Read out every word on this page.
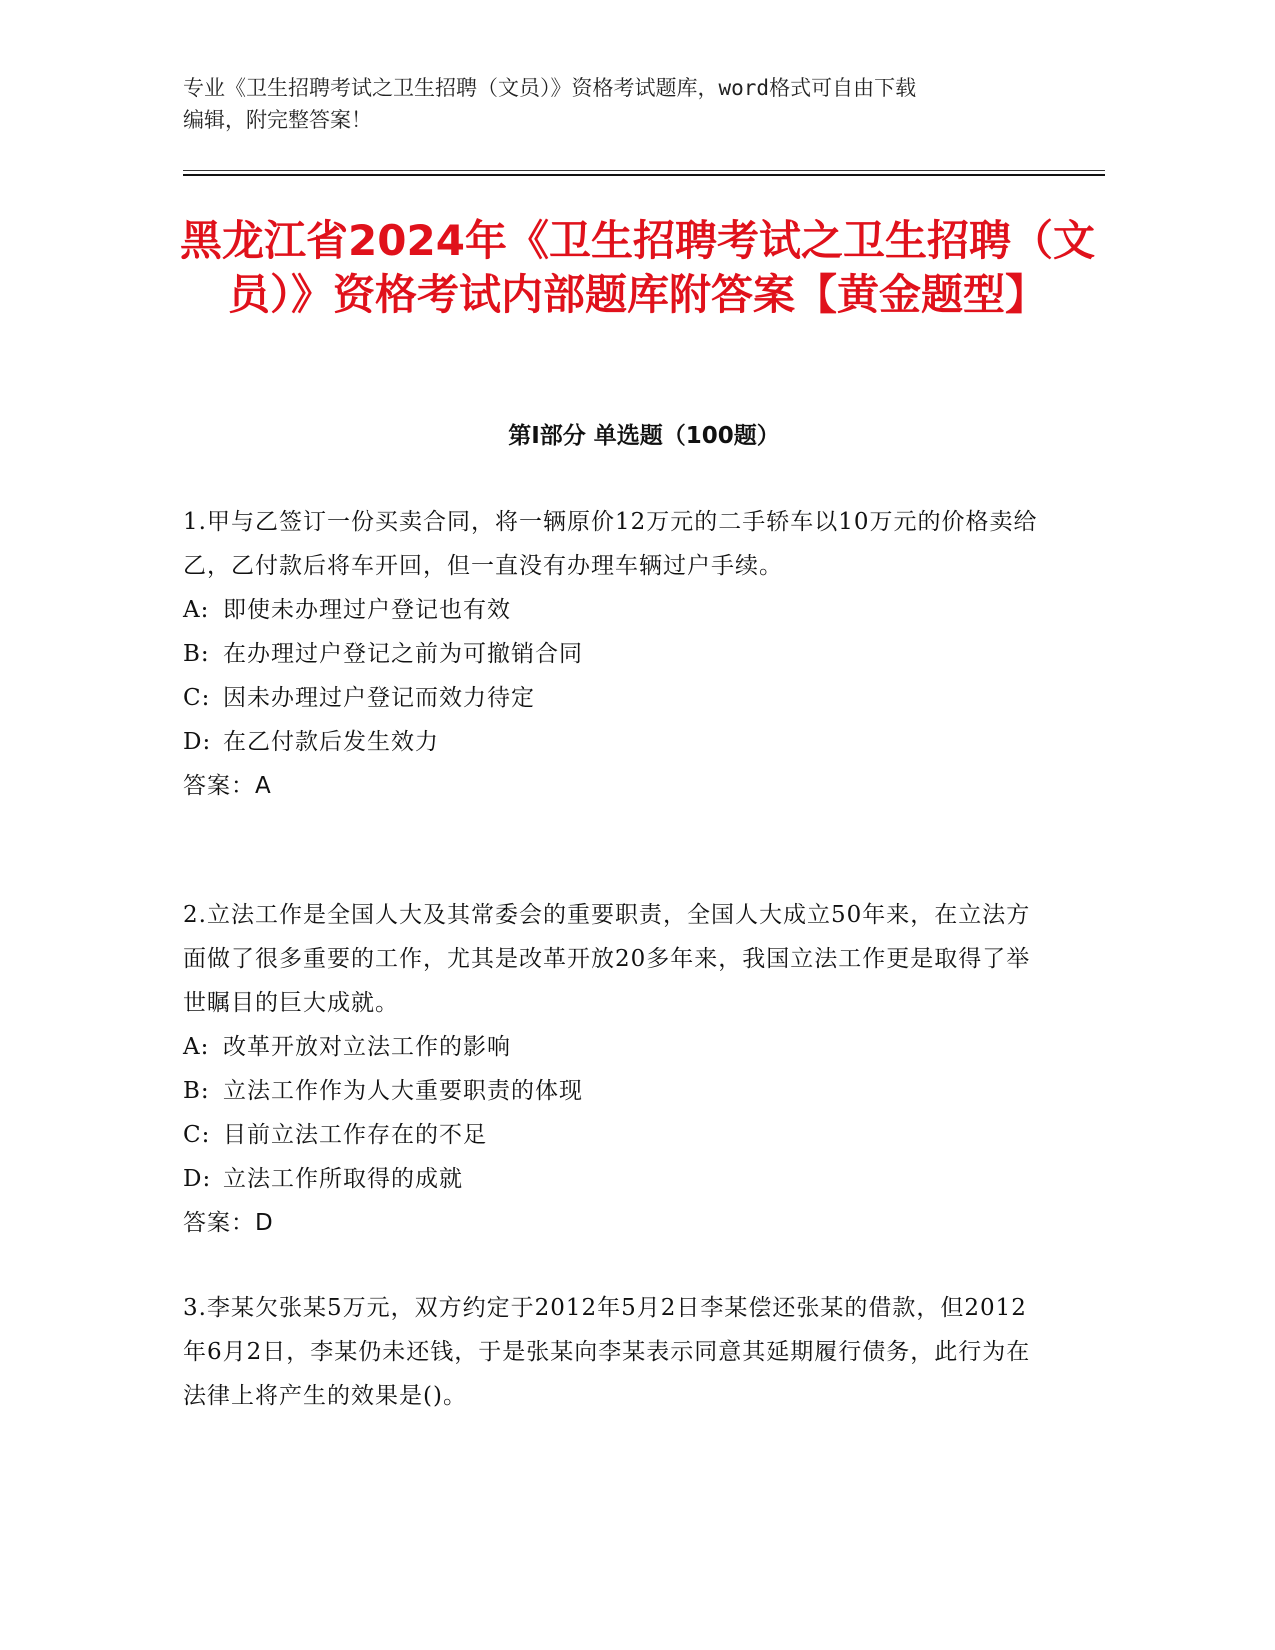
专业《卫生招聘考试之卫生招聘（文员）》资格考试题库，word格式可自由下载
编辑，附完整答案！
黑龙江省2024年《卫生招聘考试之卫生招聘（文员）》资格考试内部题库附答案【黄金题型】
第I部分 单选题（100题）
1.甲与乙签订一份买卖合同，将一辆原价12万元的二手轿车以10万元的价格卖给乙，乙付款后将车开回，但一直没有办理车辆过户手续。
A: 即使未办理过户登记也有效
B: 在办理过户登记之前为可撤销合同
C: 因未办理过户登记而效力待定
D: 在乙付款后发生效力
答案：A
2.立法工作是全国人大及其常委会的重要职责，全国人大成立50年来，在立法方面做了很多重要的工作，尤其是改革开放20多年来，我国立法工作更是取得了举世瞩目的巨大成就。
A: 改革开放对立法工作的影响
B: 立法工作作为人大重要职责的体现
C: 目前立法工作存在的不足
D: 立法工作所取得的成就
答案：D
3.李某欠张某5万元，双方约定于2012年5月2日李某偿还张某的借款，但2012年6月2日，李某仍未还钱，于是张某向李某表示同意其延期履行债务，此行为在法律上将产生的效果是()。
